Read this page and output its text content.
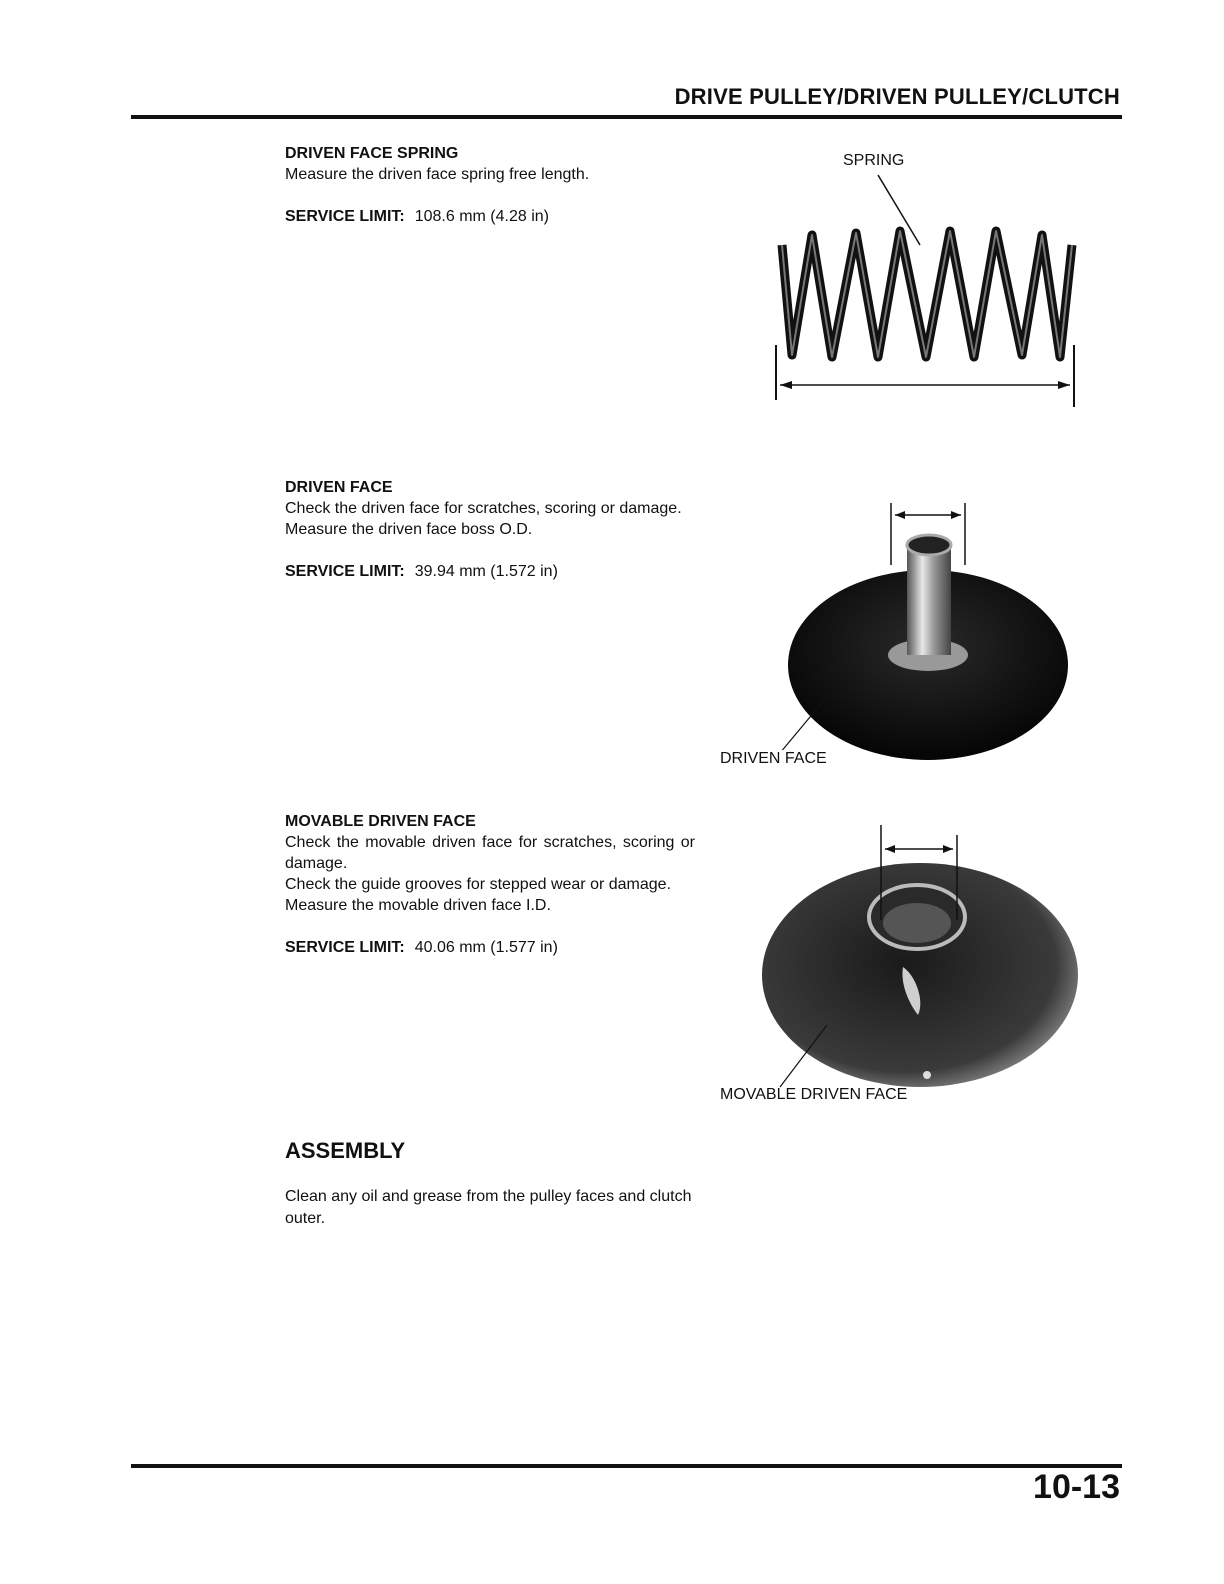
DRIVE PULLEY/DRIVEN PULLEY/CLUTCH
DRIVEN FACE SPRING

Measure the driven face spring free length.

SERVICE LIMIT: 108.6 mm (4.28 in)

DRIVEN FACE

Check the driven face for scratches, scoring or damage.

Measure the driven face boss O.D.

SERVICE LIMIT: 39.94 mm (1.572 in)

MOVABLE DRIVEN FACE

Check the movable driven face for scratches, scoring or damage.

Check the guide grooves for stepped wear or damage.

Measure the movable driven face I.D.

SERVICE LIMIT: 40.06 mm (1.577 in)

ASSEMBLY

Clean any oil and grease from the pulley faces and clutch outer.

SPRING
DRIVEN FACE
MOVABLE DRIVEN FACE
10-13
